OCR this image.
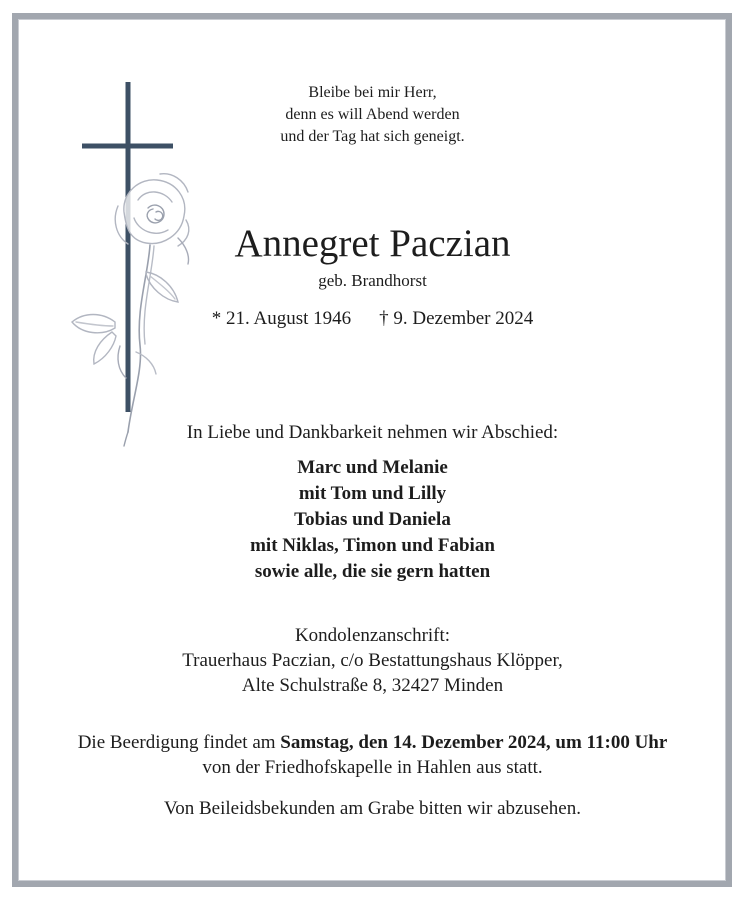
Bleibe bei mir Herr,
denn es will Abend werden
und der Tag hat sich geneigt.
Annegret Paczian
geb. Brandhorst
* 21. August 1946 † 9. Dezember 2024
In Liebe und Dankbarkeit nehmen wir Abschied:
Marc und Melanie
mit Tom und Lilly
Tobias und Daniela
mit Niklas, Timon und Fabian
sowie alle, die sie gern hatten
Kondolenzanschrift:
Trauerhaus Paczian, c/o Bestattungshaus Klöpper,
Alte Schulstraße 8, 32427 Minden
Die Beerdigung findet am Samstag, den 14. Dezember 2024, um 11:00 Uhr
von der Friedhofskapelle in Hahlen aus statt.
Von Beileidsbekunden am Grabe bitten wir abzusehen.
